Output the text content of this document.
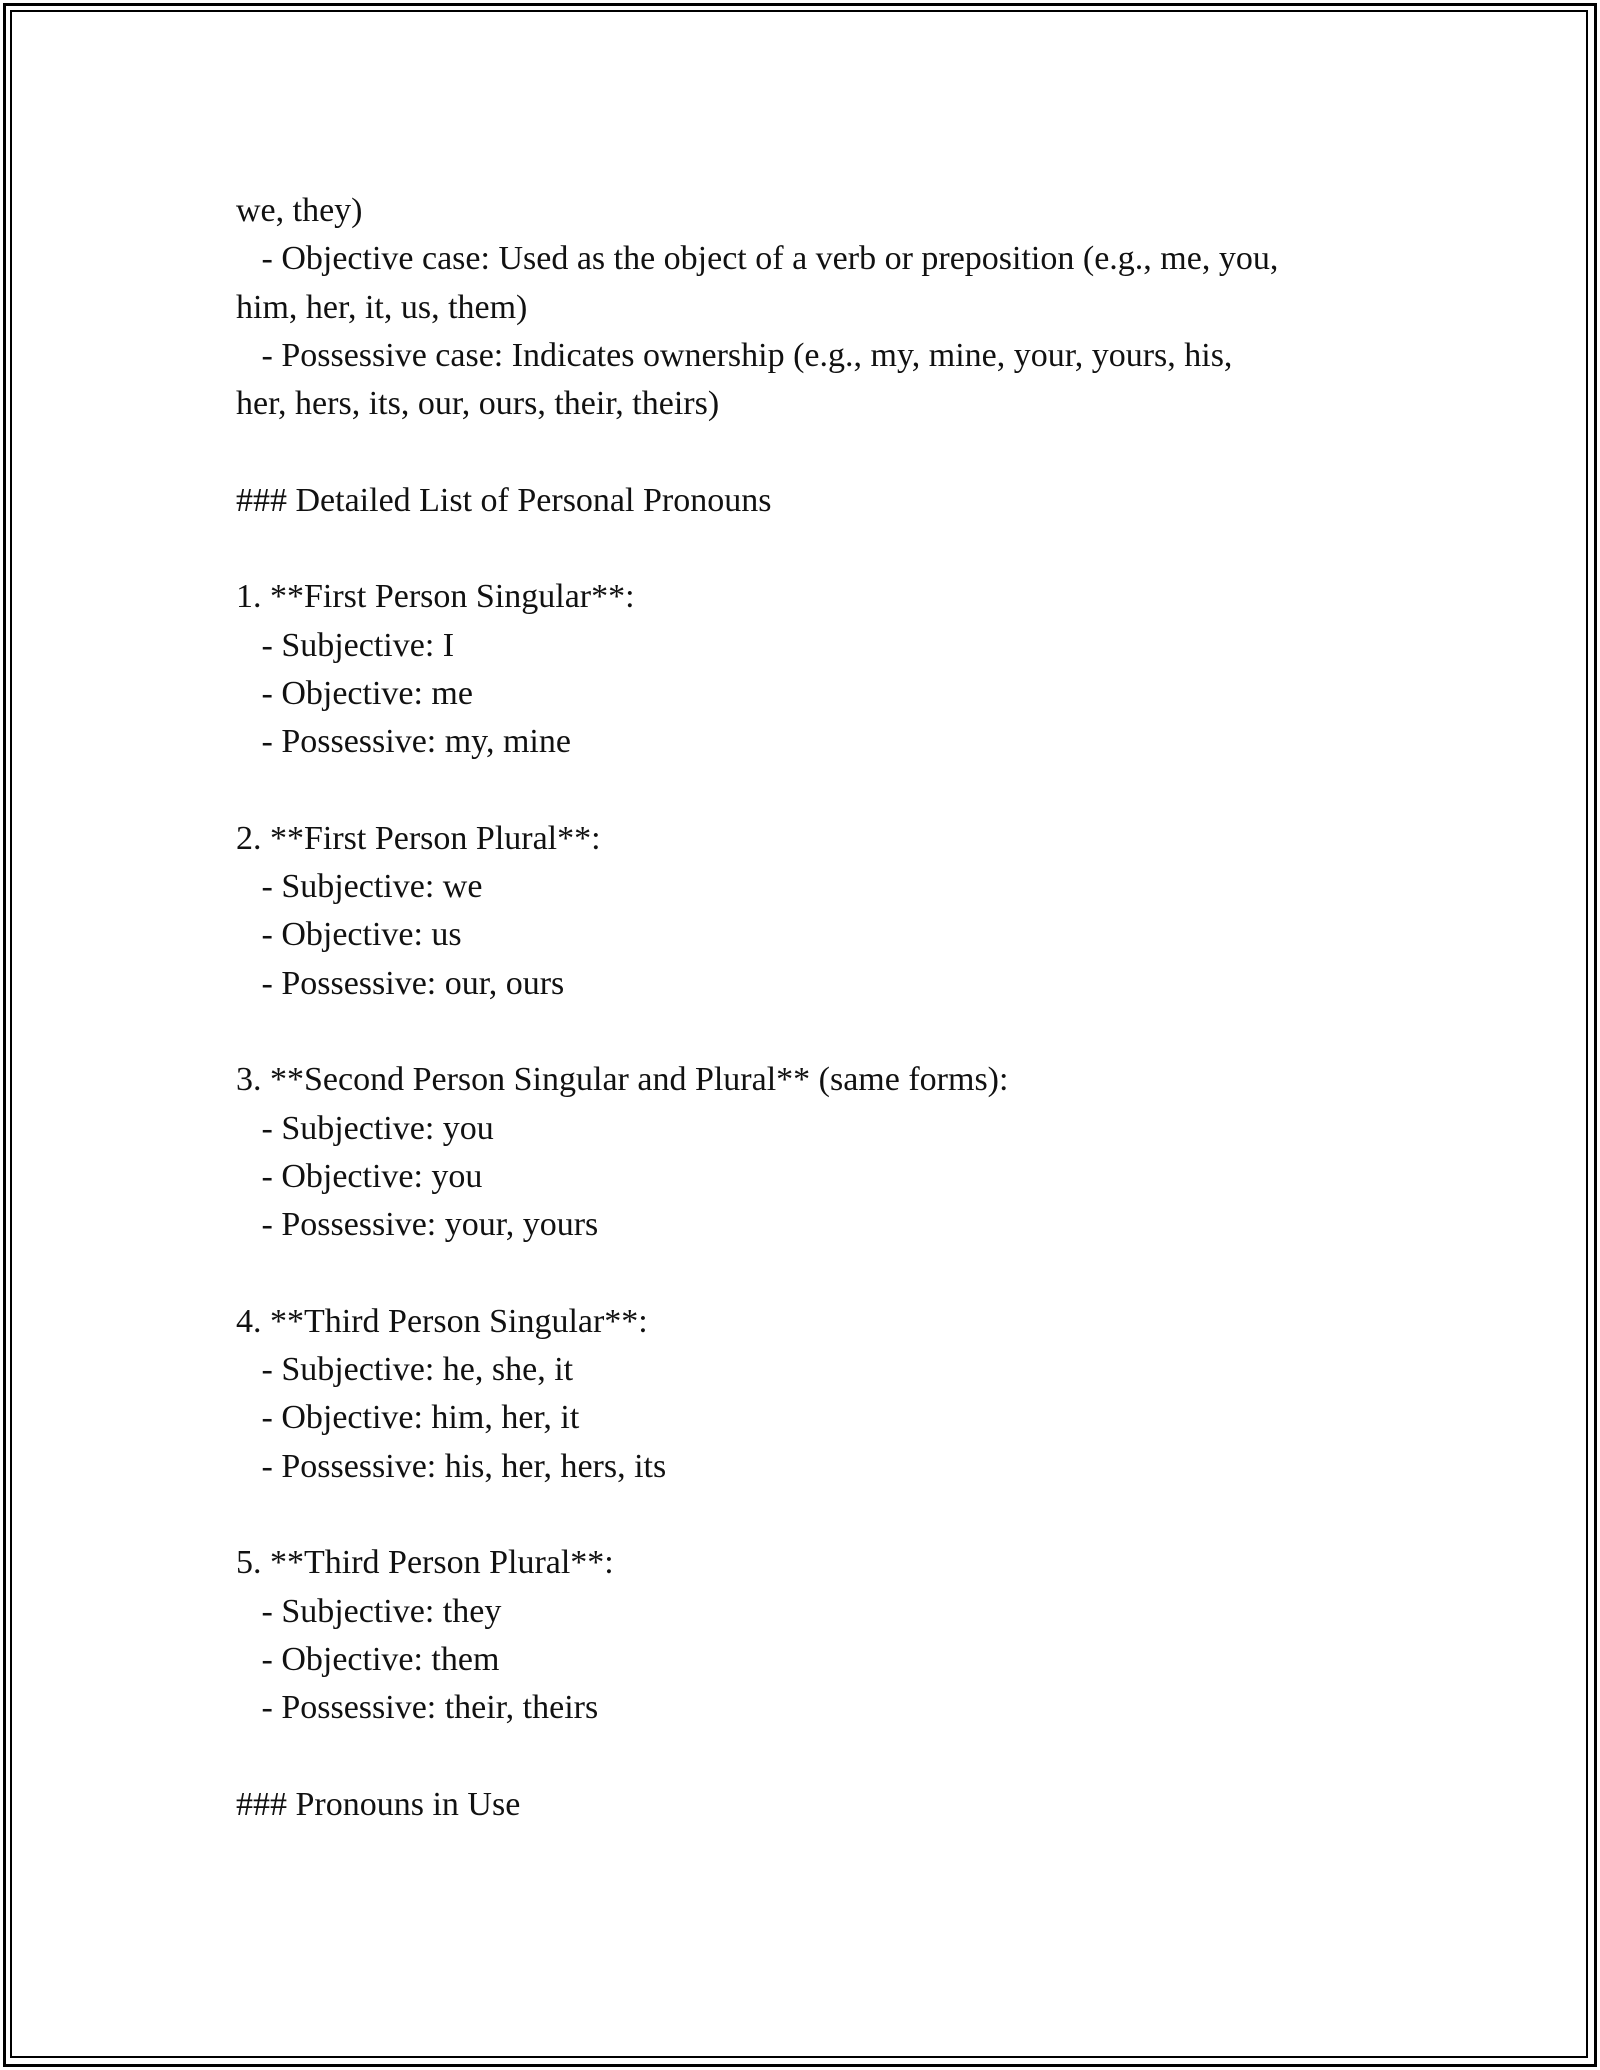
we, they)
- Objective case: Used as the object of a verb or preposition (e.g., me, you,
him, her, it, us, them)
- Possessive case: Indicates ownership (e.g., my, mine, your, yours, his,
her, hers, its, our, ours, their, theirs)
### Detailed List of Personal Pronouns
1. **First Person Singular**:
- Subjective: I
- Objective: me
- Possessive: my, mine
2. **First Person Plural**:
- Subjective: we
- Objective: us
- Possessive: our, ours
3. **Second Person Singular and Plural** (same forms):
- Subjective: you
- Objective: you
- Possessive: your, yours
4. **Third Person Singular**:
- Subjective: he, she, it
- Objective: him, her, it
- Possessive: his, her, hers, its
5. **Third Person Plural**:
- Subjective: they
- Objective: them
- Possessive: their, theirs
### Pronouns in Use
